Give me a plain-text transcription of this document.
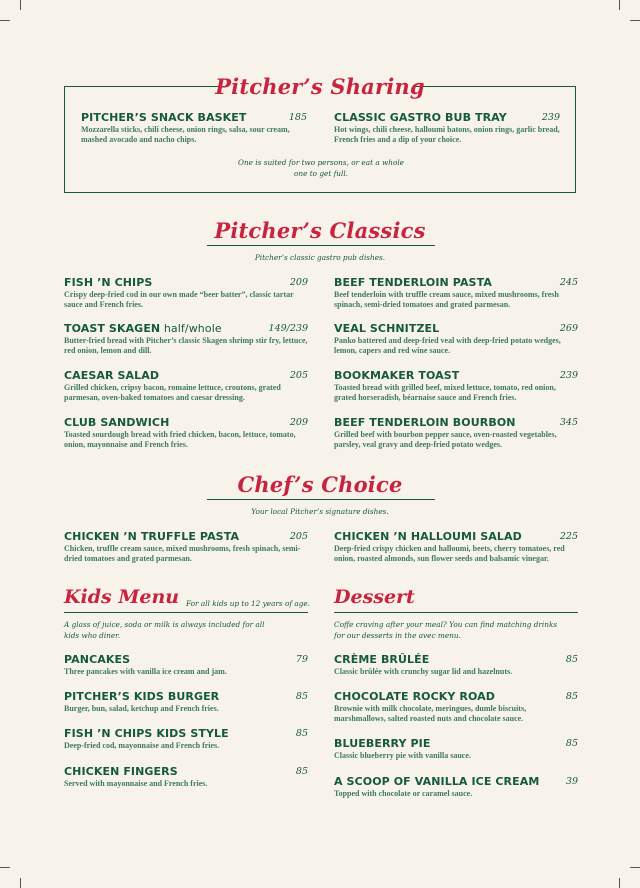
Pitcher’s Sharing
PITCHER’S SNACK BASKET	185
Mozzarella sticks, chili cheese, onion rings, salsa, sour cream, mashed avocado and nacho chips.
CLASSIC GASTRO BUB TRAY	239
Hot wings, chili cheese, halloumi batons, onion rings, garlic bread, French fries and a dip of your choice.
One is suited for two persons, or eat a whole one to get full.
Pitcher’s Classics
Pitcher’s classic gastro pub dishes.
FISH ’N CHIPS	209
Crispy deep-fried cod in our own made “beer batter”, classic tartar sauce and French fries.
TOAST SKAGEN half/whole	149/239
Butter-fried bread with Pitcher’s classic Skagen shrimp stir fry, lettuce, red onion, lemon and dill.
CAESAR SALAD	205
Grilled chicken, cripsy bacon, romaine lettuce, croutons, grated parmesan, oven-baked tomatoes and caesar dressing.
CLUB SANDWICH	209
Toasted sourdough bread with fried chicken, bacon, lettuce, tomato, onion, mayonnaise and French fries.
BEEF TENDERLOIN PASTA	245
Beef tenderloin with truffle cream sauce, mixed mushrooms, fresh spinach, semi-dried tomatoes and grated parmesan.
VEAL SCHNITZEL	269
Panko battered and deep-fried veal with deep-fried potato wedges, lemon, capers and red wine sauce.
BOOKMAKER TOAST	239
Toasted bread with grilled beef, mixed lettuce, tomato, red onion, grated horseradish, béarnaise sauce and French fries.
BEEF TENDERLOIN BOURBON	345
Grilled beef with bourbon pepper sauce, oven-roasted vegetables, parsley, veal gravy and deep-fried potato wedges.
Chef’s Choice
Your local Pitcher’s signature dishes.
CHICKEN ’N TRUFFLE PASTA	205
Chicken, truffle cream sauce, mixed mushrooms, fresh spinach, semi-dried tomatoes and grated parmesan.
CHICKEN ’N HALLOUMI SALAD	225
Deep-fried crispy chicken and halloumi, beets, cherry tomatoes, red onion, roasted almonds, sun flower seeds and balsamic vinegar.
Kids Menu For all kids up to 12 years of age.
A glass of juice, soda or milk is always included for all kids who diner.
PANCAKES	79
Three pancakes with vanilla ice cream and jam.
PITCHER’S KIDS BURGER	85
Burger, bun, salad, ketchup and French fries.
FISH ’N CHIPS KIDS STYLE	85
Deep-fried cod, mayonnaise and French fries.
CHICKEN FINGERS	85
Served with mayonnaise and French fries.
Dessert
Coffe craving after your meal? You can find matching drinks for our desserts in the avec menu.
CRÈME BRÛLÉE	85
Classic brûlée with crunchy sugar lid and hazelnuts.
CHOCOLATE ROCKY ROAD	85
Brownie with milk chocolate, meringues, dumle biscuits, marshmallows, salted roasted nuts and chocolate sauce.
BLUEBERRY PIE	85
Classic blueberry pie with vanilla sauce.
A SCOOP OF VANILLA ICE CREAM	39
Topped with chocolate or caramel sauce.
